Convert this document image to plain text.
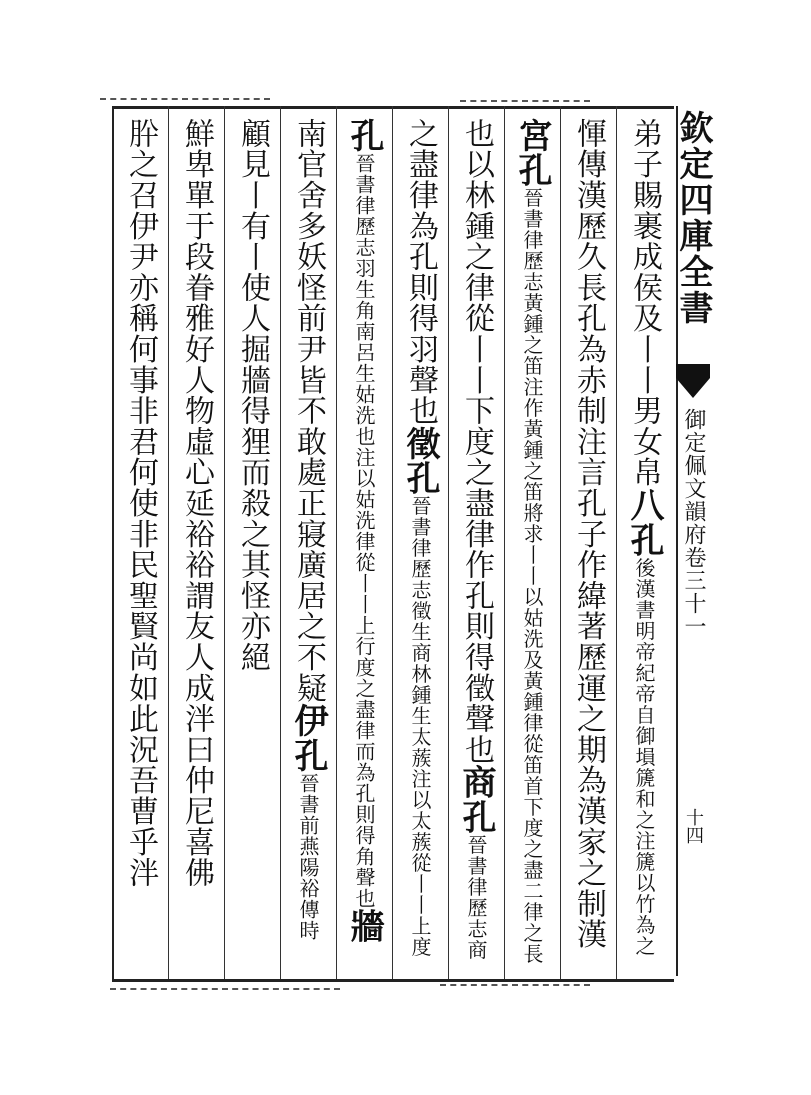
弟子賜裹成侯及丨丨男女帛八孔後漢書明帝紀帝自御塤篪和之注篪以竹為之
惲傳漢歷久長孔為赤制注言孔子作緯著歷運之期為漢家之制漢
宮孔晉書律歷志黃鍾之笛注作黃鍾之笛將求丨丨以姑洗及黃鍾律從笛首下度之盡二律之長
也以林鍾之律從丨丨下度之盡律作孔則得徵聲也商孔晉書律歷志商
之盡律為孔則得羽聲也徵孔晉書律歷志徵生商林鍾生太蔟注以太蔟從丨丨上度
孔晉書律歷志羽生角南呂生姑洗也注以姑洗律從丨丨上行度之盡律而為孔則得角聲也牆
南官舍多妖怪前尹皆不敢處正寢廣居之不疑伊孔晉書前燕陽裕傳時
顧見丨有丨使人掘牆得狸而殺之其怪亦絕
鮮卑單于段眷雅好人物虛心延裕裕謂友人成泮曰仲尼喜佛
肸之召伊尹亦稱何事非君何使非民聖賢尚如此況吾曹乎泮	欽定四庫全書
御定佩文韻府卷三十一
十四
